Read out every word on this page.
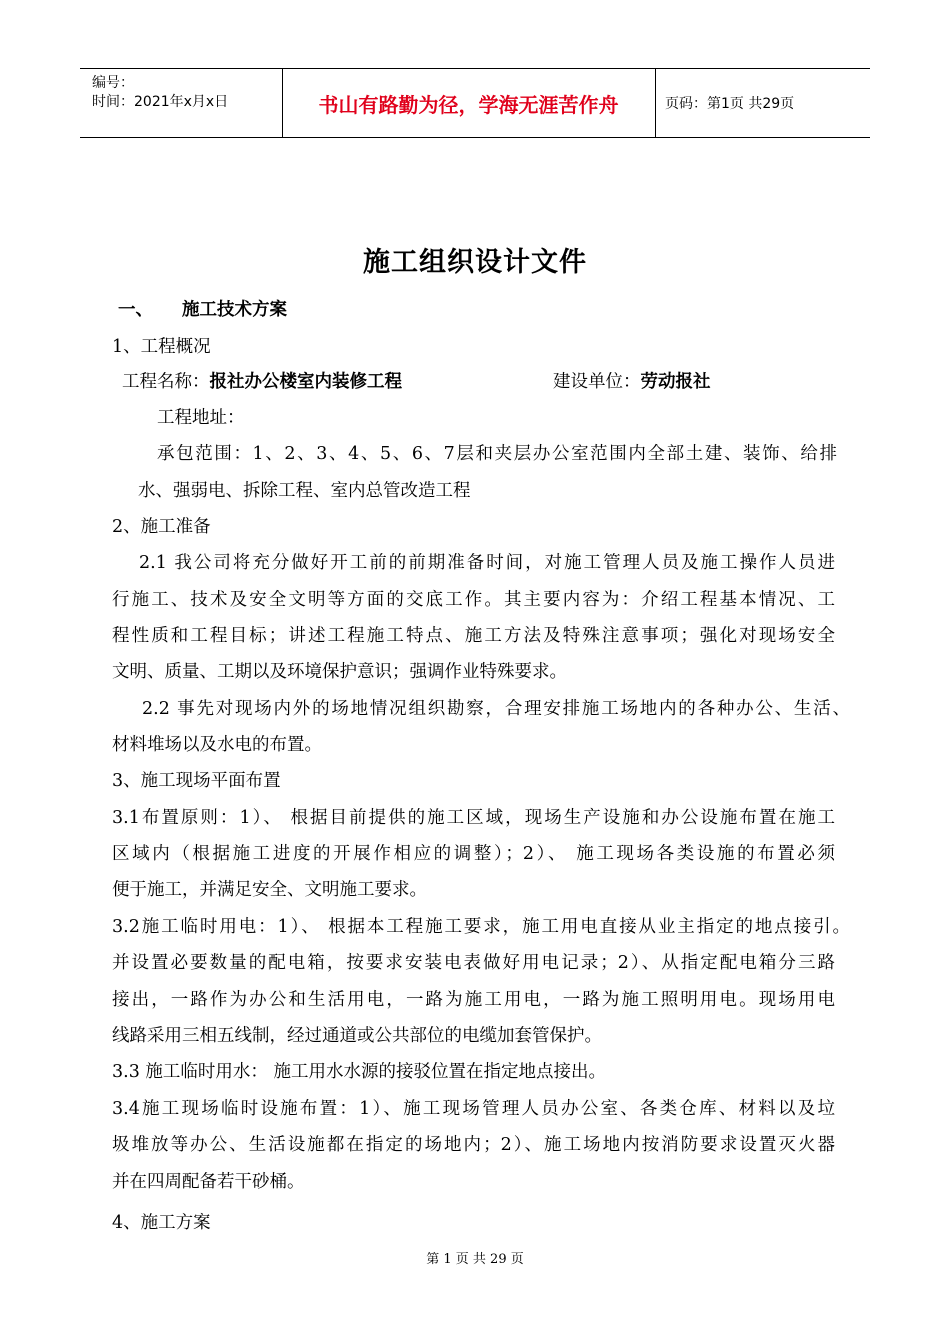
编号：
时间：2021年x月x日	书山有路勤为径，学海无涯苦作舟	页码：第1页 共29页
施工组织设计文件
一、 施工技术方案
1、工程概况
工程名称：报社办公楼室内装修工程	建设单位：劳动报社
工程地址：
承包范围：1、2、3、4、5、6、7层和夹层办公室范围内全部土建、装饰、给排
水、强弱电、拆除工程、室内总管改造工程
2、施工准备
2.1 我公司将充分做好开工前的前期准备时间，对施工管理人员及施工操作人员进
行施工、技术及安全文明等方面的交底工作。其主要内容为：介绍工程基本情况、工
程性质和工程目标；讲述工程施工特点、施工方法及特殊注意事项；强化对现场安全
文明、质量、工期以及环境保护意识；强调作业特殊要求。
2.2 事先对现场内外的场地情况组织勘察，合理安排施工场地内的各种办公、生活、
材料堆场以及水电的布置。
3、施工现场平面布置
3.1布置原则：1）、 根据目前提供的施工区域，现场生产设施和办公设施布置在施工
区域内（根据施工进度的开展作相应的调整）；2）、 施工现场各类设施的布置必须
便于施工，并满足安全、文明施工要求。
3.2施工临时用电：1）、 根据本工程施工要求，施工用电直接从业主指定的地点接引。
并设置必要数量的配电箱，按要求安装电表做好用电记录；2）、从指定配电箱分三路
接出，一路作为办公和生活用电，一路为施工用电，一路为施工照明用电。现场用电
线路采用三相五线制，经过通道或公共部位的电缆加套管保护。
3.3 施工临时用水： 施工用水水源的接驳位置在指定地点接出。
3.4施工现场临时设施布置：1）、施工现场管理人员办公室、各类仓库、材料以及垃
圾堆放等办公、生活设施都在指定的场地内；2）、施工场地内按消防要求设置灭火器
并在四周配备若干砂桶。
4、施工方案
第 1 页 共 29 页
